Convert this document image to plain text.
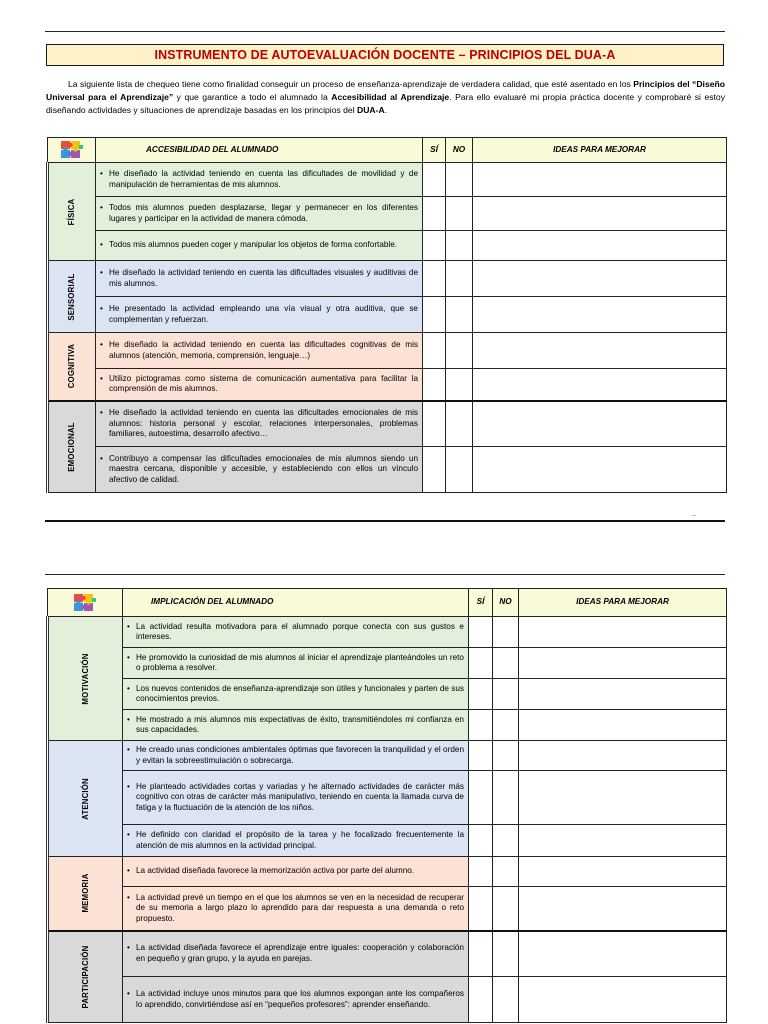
INSTRUMENTO DE AUTOEVALUACIÓN DOCENTE – PRINCIPIOS DEL DUA-A

La siguiente lista de chequeo tiene como finalidad conseguir un proceso de enseñanza-aprendizaje de verdadera calidad, que esté asentado en los Principios del “Diseño Universal para el Aprendizaje” y que garantice a todo el alumnado la Accesibilidad al Aprendizaje. Para ello evaluaré mi propia práctica docente y comprobaré si estoy diseñando actividades y situaciones de aprendizaje basadas en los principios del DUA-A.

	ACCESIBILIDAD DEL ALUMNADO	SÍ	NO	IDEAS PARA MEJORAR

FÍSICA	• He diseñado la actividad teniendo en cuenta las dificultades de movilidad y de manipulación de herramientas de mis alumnos.			

	• Todos mis alumnos pueden desplazarse, llegar y permanecer en los diferentes lugares y participar en la actividad de manera cómoda.			

	• Todos mis alumnos pueden coger y manipular los objetos de forma confortable.			

SENSORIAL	• He diseñado la actividad teniendo en cuenta las dificultades visuales y auditivas de mis alumnos.			

	• He presentado la actividad empleando una vía visual y otra auditiva, que se complementan y refuerzan.			

COGNITIVA	• He diseñado la actividad teniendo en cuenta las dificultades cognitivas de mis alumnos (atención, memoria, comprensión, lenguaje…)			

	• Utilizo pictogramas como sistema de comunicación aumentativa para facilitar la comprensión de mis alumnos.			

EMOCIONAL	• He diseñado la actividad teniendo en cuenta las dificultades emocionales de mis alumnos: historia personal y escolar, relaciones interpersonales, problemas familiares, autoestima, desarrollo afectivo…			

	• Contribuyo a compensar las dificultades emocionales de mis alumnos siendo un maestra cercana, disponible y accesible, y estableciendo con ellos un vínculo afectivo de calidad.			

	IMPLICACIÓN DEL ALUMNADO	SÍ	NO	IDEAS PARA MEJORAR

MOTIVACIÓN	• La actividad resulta motivadora para el alumnado porque conecta con sus gustos e intereses.			

	• He promovido la curiosidad de mis alumnos al iniciar el aprendizaje planteándoles un reto o problema a resolver.			

	• Los nuevos contenidos de enseñanza-aprendizaje son útiles y funcionales y parten de sus conocimientos previos.			

	• He mostrado a mis alumnos mis expectativas de éxito, transmitiéndoles mi confianza en sus capacidades.			

ATENCIÓN	• He creado unas condiciones ambientales óptimas que favorecen la tranquilidad y el orden y evitan la sobreestimulación o sobrecarga.			

	• He planteado actividades cortas y variadas y he alternado actividades de carácter más cognitivo con otras de carácter más manipulativo, teniendo en cuenta la llamada curva de fatiga y la fluctuación de la atención de los niños.			

	• He definido con claridad el propósito de la tarea y he focalizado frecuentemente la atención de mis alumnos en la actividad principal.			

MEMORIA	• La actividad diseñada favorece la memorización activa por parte del alumno.			

	• La actividad prevé un tiempo en el que los alumnos se ven en la necesidad de recuperar de su memoria a largo plazo lo aprendido para dar respuesta a una demanda o reto propuesto.			

PARTICIPACIÓN	• La actividad diseñada favorece el aprendizaje entre iguales: cooperación y colaboración en pequeño y gran grupo, y la ayuda en parejas.			

	• La actividad incluye unos minutos para que los alumnos expongan ante los compañeros lo aprendido, convirtiéndose así en “pequeños profesores”: aprender enseñando.			
